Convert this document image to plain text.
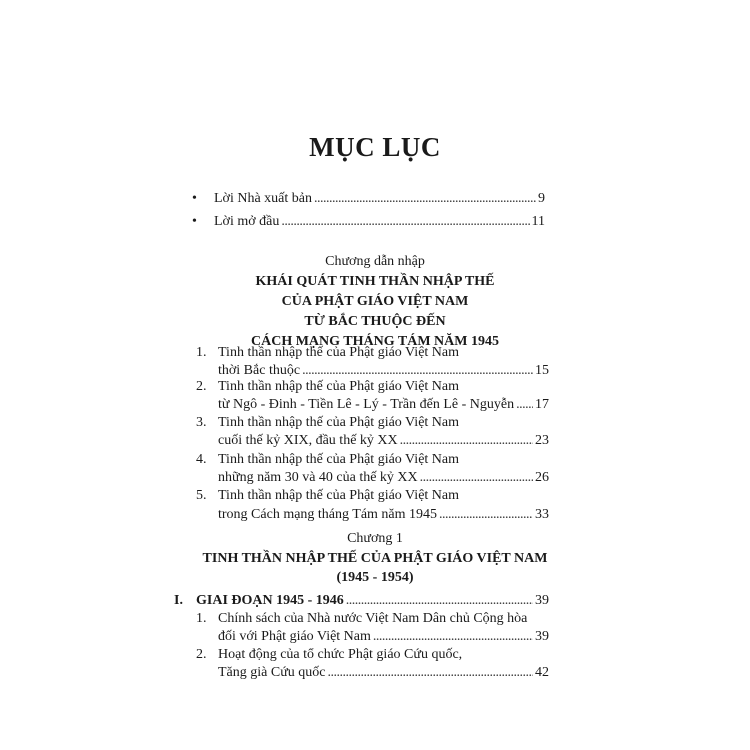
MỤC LỤC
• Lời Nhà xuất bản . . .	9
• Lời mở đầu . . .	11
Chương dẫn nhập
KHÁI QUÁT TINH THẦN NHẬP THẾ
CỦA PHẬT GIÁO VIỆT NAM
TỪ BẮC THUỘC ĐẾN
CÁCH MẠNG THÁNG TÁM NĂM 1945
1. Tinh thần nhập thế của Phật giáo Việt Nam
thời Bắc thuộc . . .	15
2. Tinh thần nhập thế của Phật giáo Việt Nam
từ Ngô - Đinh - Tiền Lê - Lý - Trần đến Lê - Nguyễn . . . 17
3. Tinh thần nhập thế của Phật giáo Việt Nam
cuối thế kỷ XIX, đầu thế kỷ XX . . .	23
4. Tinh thần nhập thế của Phật giáo Việt Nam
những năm 30 và 40 của thế kỷ XX . . .	26
5. Tinh thần nhập thế của Phật giáo Việt Nam
trong Cách mạng tháng Tám năm 1945 . . .	33
Chương 1
TINH THẦN NHẬP THẾ CỦA PHẬT GIÁO VIỆT NAM
(1945 - 1954)
I. GIAI ĐOẠN 1945 - 1946 . . .	39
1. Chính sách của Nhà nước Việt Nam Dân chủ Cộng hòa
đối với Phật giáo Việt Nam . . .	39
2. Hoạt động của tổ chức Phật giáo Cứu quốc,
Tăng già Cứu quốc . . .	42
